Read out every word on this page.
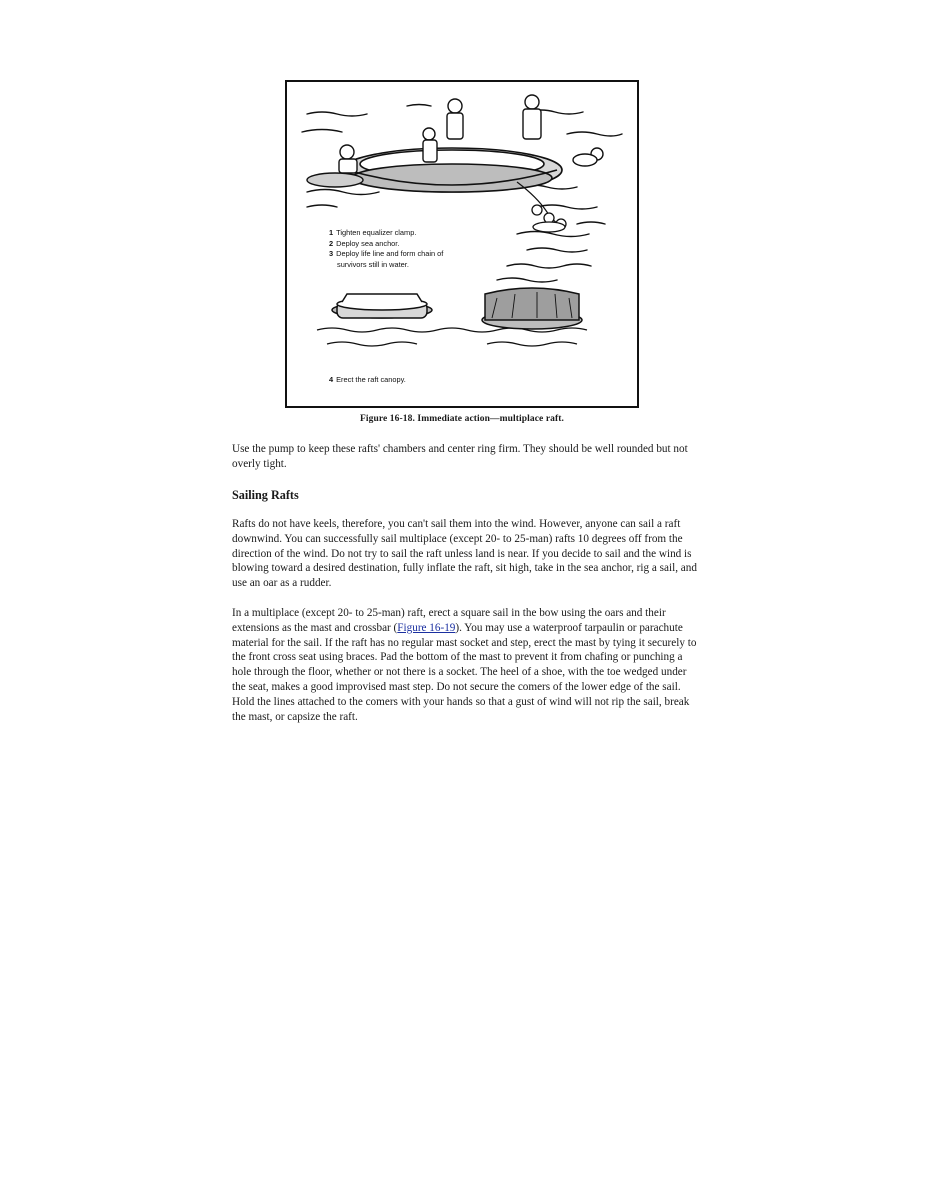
1 Tighten equalizer clamp.
2 Deploy sea anchor.
3 Deploy life line and form chain of
survivors still in water.
4 Erect the raft canopy.
Figure 16-18. Immediate action—multiplace raft.

Use the pump to keep these rafts' chambers and center ring firm. They should be well rounded but not overly tight.

Sailing Rafts

Rafts do not have keels, therefore, you can't sail them into the wind. However, anyone can sail a raft downwind. You can successfully sail multiplace (except 20- to 25-man) rafts 10 degrees off from the direction of the wind. Do not try to sail the raft unless land is near. If you decide to sail and the wind is blowing toward a desired destination, fully inflate the raft, sit high, take in the sea anchor, rig a sail, and use an oar as a rudder.

In a multiplace (except 20- to 25-man) raft, erect a square sail in the bow using the oars and their extensions as the mast and crossbar (Figure 16-19). You may use a waterproof tarpaulin or parachute material for the sail. If the raft has no regular mast socket and step, erect the mast by tying it securely to the front cross seat using braces. Pad the bottom of the mast to prevent it from chafing or punching a hole through the floor, whether or not there is a socket. The heel of a shoe, with the toe wedged under the seat, makes a good improvised mast step. Do not secure the comers of the lower edge of the sail. Hold the lines attached to the comers with your hands so that a gust of wind will not rip the sail, break the mast, or capsize the raft.
